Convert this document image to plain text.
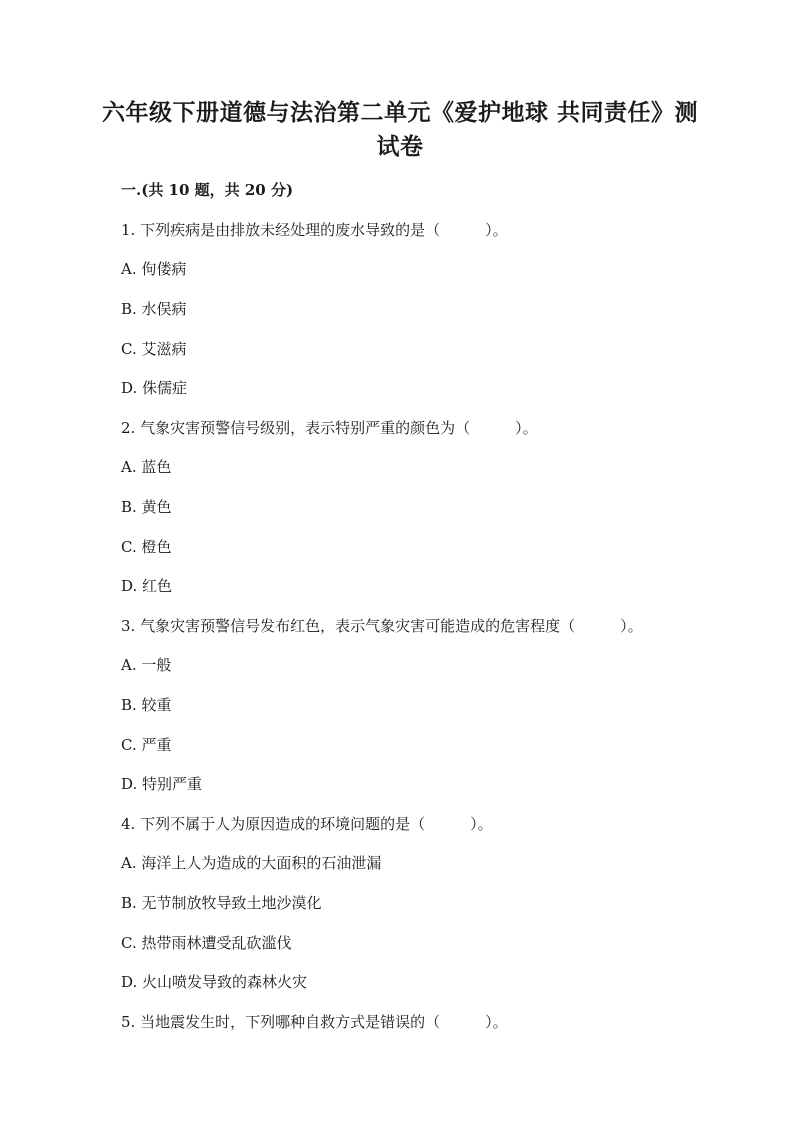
六年级下册道德与法治第二单元《爱护地球 共同责任》测试卷
一.(共 10 题，共 20 分)
1. 下列疾病是由排放未经处理的废水导致的是（　　　）。
A. 佝偻病
B. 水俣病
C. 艾滋病
D. 侏儒症
2. 气象灾害预警信号级别，表示特别严重的颜色为（　　　）。
A. 蓝色
B. 黄色
C. 橙色
D. 红色
3. 气象灾害预警信号发布红色，表示气象灾害可能造成的危害程度（　　　）。
A. 一般
B. 较重
C. 严重
D. 特别严重
4. 下列不属于人为原因造成的环境问题的是（　　　）。
A. 海洋上人为造成的大面积的石油泄漏
B. 无节制放牧导致土地沙漠化
C. 热带雨林遭受乱砍滥伐
D. 火山喷发导致的森林火灾
5. 当地震发生时，下列哪种自救方式是错误的（　　　）。
